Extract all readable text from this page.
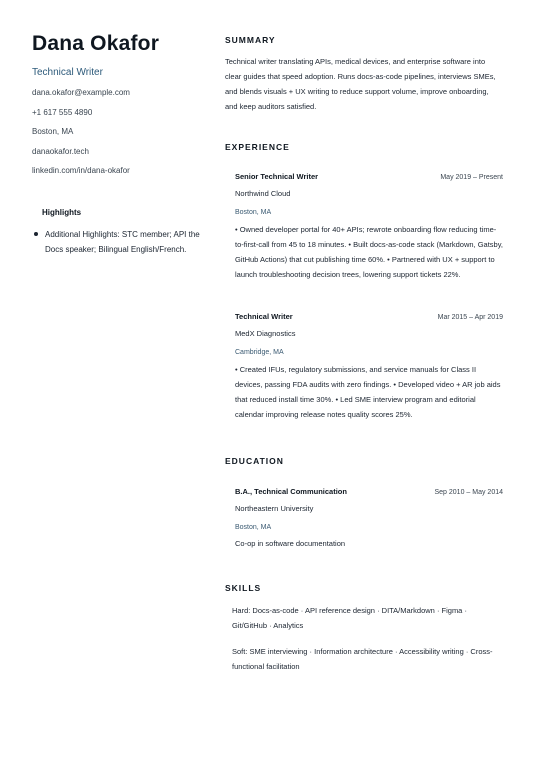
Dana Okafor
Technical Writer
dana.okafor@example.com
+1 617 555 4890
Boston, MA
danaokafor.tech
linkedin.com/in/dana-okafor
Highlights
Additional Highlights: STC member; API the Docs speaker; Bilingual English/French.
SUMMARY
Technical writer translating APIs, medical devices, and enterprise software into clear guides that speed adoption. Runs docs-as-code pipelines, interviews SMEs, and blends visuals + UX writing to reduce support volume, improve onboarding, and keep auditors satisfied.
EXPERIENCE
Senior Technical Writer	May 2019 – Present
Northwind Cloud
Boston, MA
• Owned developer portal for 40+ APIs; rewrote onboarding flow reducing time-to-first-call from 45 to 18 minutes. • Built docs-as-code stack (Markdown, Gatsby, GitHub Actions) that cut publishing time 60%. • Partnered with UX + support to launch troubleshooting decision trees, lowering support tickets 22%.
Technical Writer	Mar 2015 – Apr 2019
MedX Diagnostics
Cambridge, MA
• Created IFUs, regulatory submissions, and service manuals for Class II devices, passing FDA audits with zero findings. • Developed video + AR job aids that reduced install time 30%. • Led SME interview program and editorial calendar improving release notes quality scores 25%.
EDUCATION
B.A., Technical Communication	Sep 2010 – May 2014
Northeastern University
Boston, MA
Co-op in software documentation
SKILLS
Hard: Docs-as-code · API reference design · DITA/Markdown · Figma · Git/GitHub · Analytics
Soft: SME interviewing · Information architecture · Accessibility writing · Cross-functional facilitation
